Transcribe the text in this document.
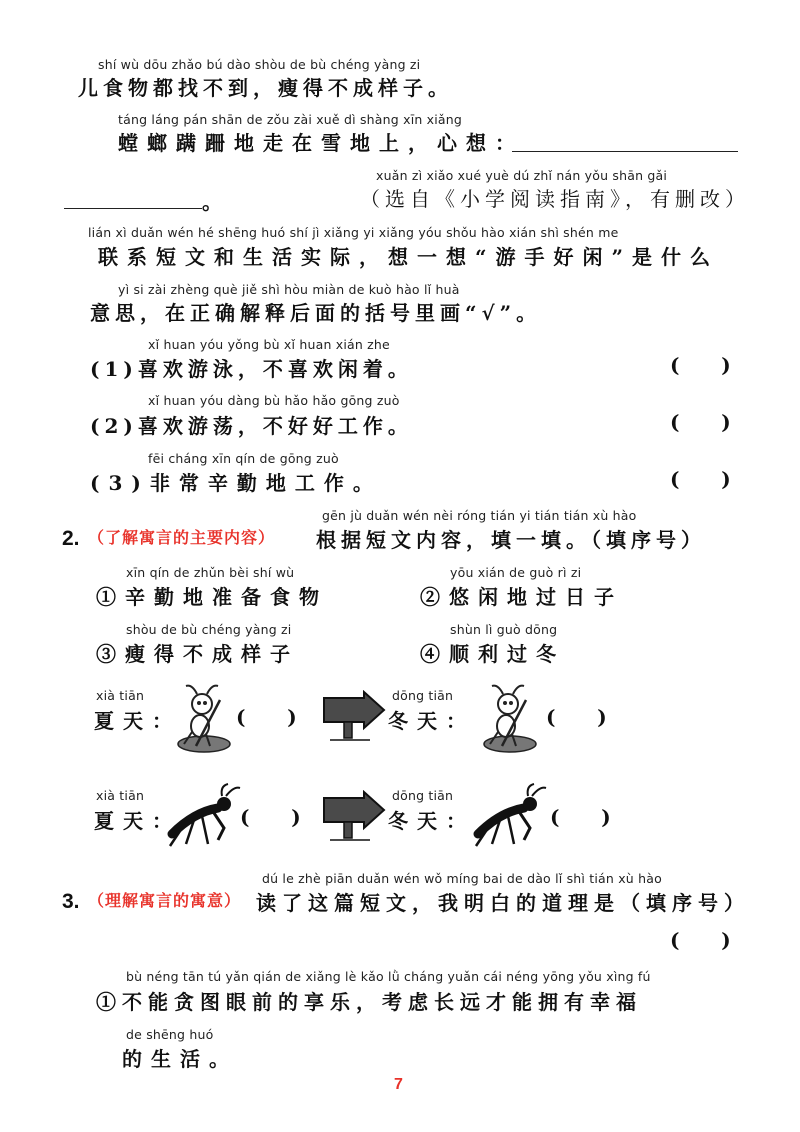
shí wù dōu zhǎo bú dào shòu de bù chéng yàng zi
儿食物都找不到，瘦得不成样子。
táng láng pán shān de zǒu zài xuě dì shàng xīn xiǎng
螳螂蹒跚地走在雪地上，心想：
xuǎn zì xiǎo xué yuè dú zhǐ nán yǒu shān gǎi
。	（选自《小学阅读指南》，有删改）
lián xì duǎn wén hé shēng huó shí jì xiǎng yi xiǎng yóu shǒu hào xián shì shén me
联系短文和生活实际，想一想“游手好闲”是什么
yì si zài zhèng què jiě shì hòu miàn de kuò hào lǐ huà
意思，在正确解释后面的括号里画“√”。
xǐ huan yóu yǒng bù xǐ huan xián zhe
(1)喜欢游泳，不喜欢闲着。	(      )
xǐ huan yóu dàng bù hǎo hǎo gōng zuò
(2)喜欢游荡，不好好工作。	(      )
fēi cháng xīn qín de gōng zuò
(3)非常辛勤地工作。	(      )
gēn jù duǎn wén nèi róng tián yi tián tián xù hào
2. （了解寓言的主要内容） 根据短文内容，填一填。（填序号）
xīn qín de zhǔn bèi shí wù
①辛勤地准备食物
yōu xián de guò rì zi
②悠闲地过日子
shòu de bù chéng yàng zi
③瘦得不成样子
shùn lì guò dōng
④顺利过冬
xià tiān
夏天：	(      )
dōng tiān
冬天：	(      )
xià tiān
夏天：	(      )
dōng tiān
冬天：	(      )
dú le zhè piān duǎn wén wǒ míng bai de dào lǐ shì tián xù hào
3. （理解寓言的寓意） 读了这篇短文，我明白的道理是（填序号）
(      )
bù néng tān tú yǎn qián de xiǎng lè kǎo lǜ cháng yuǎn cái néng yōng yǒu xìng fú
①不能贪图眼前的享乐，考虑长远才能拥有幸福
de shēng huó
的生活。
7
